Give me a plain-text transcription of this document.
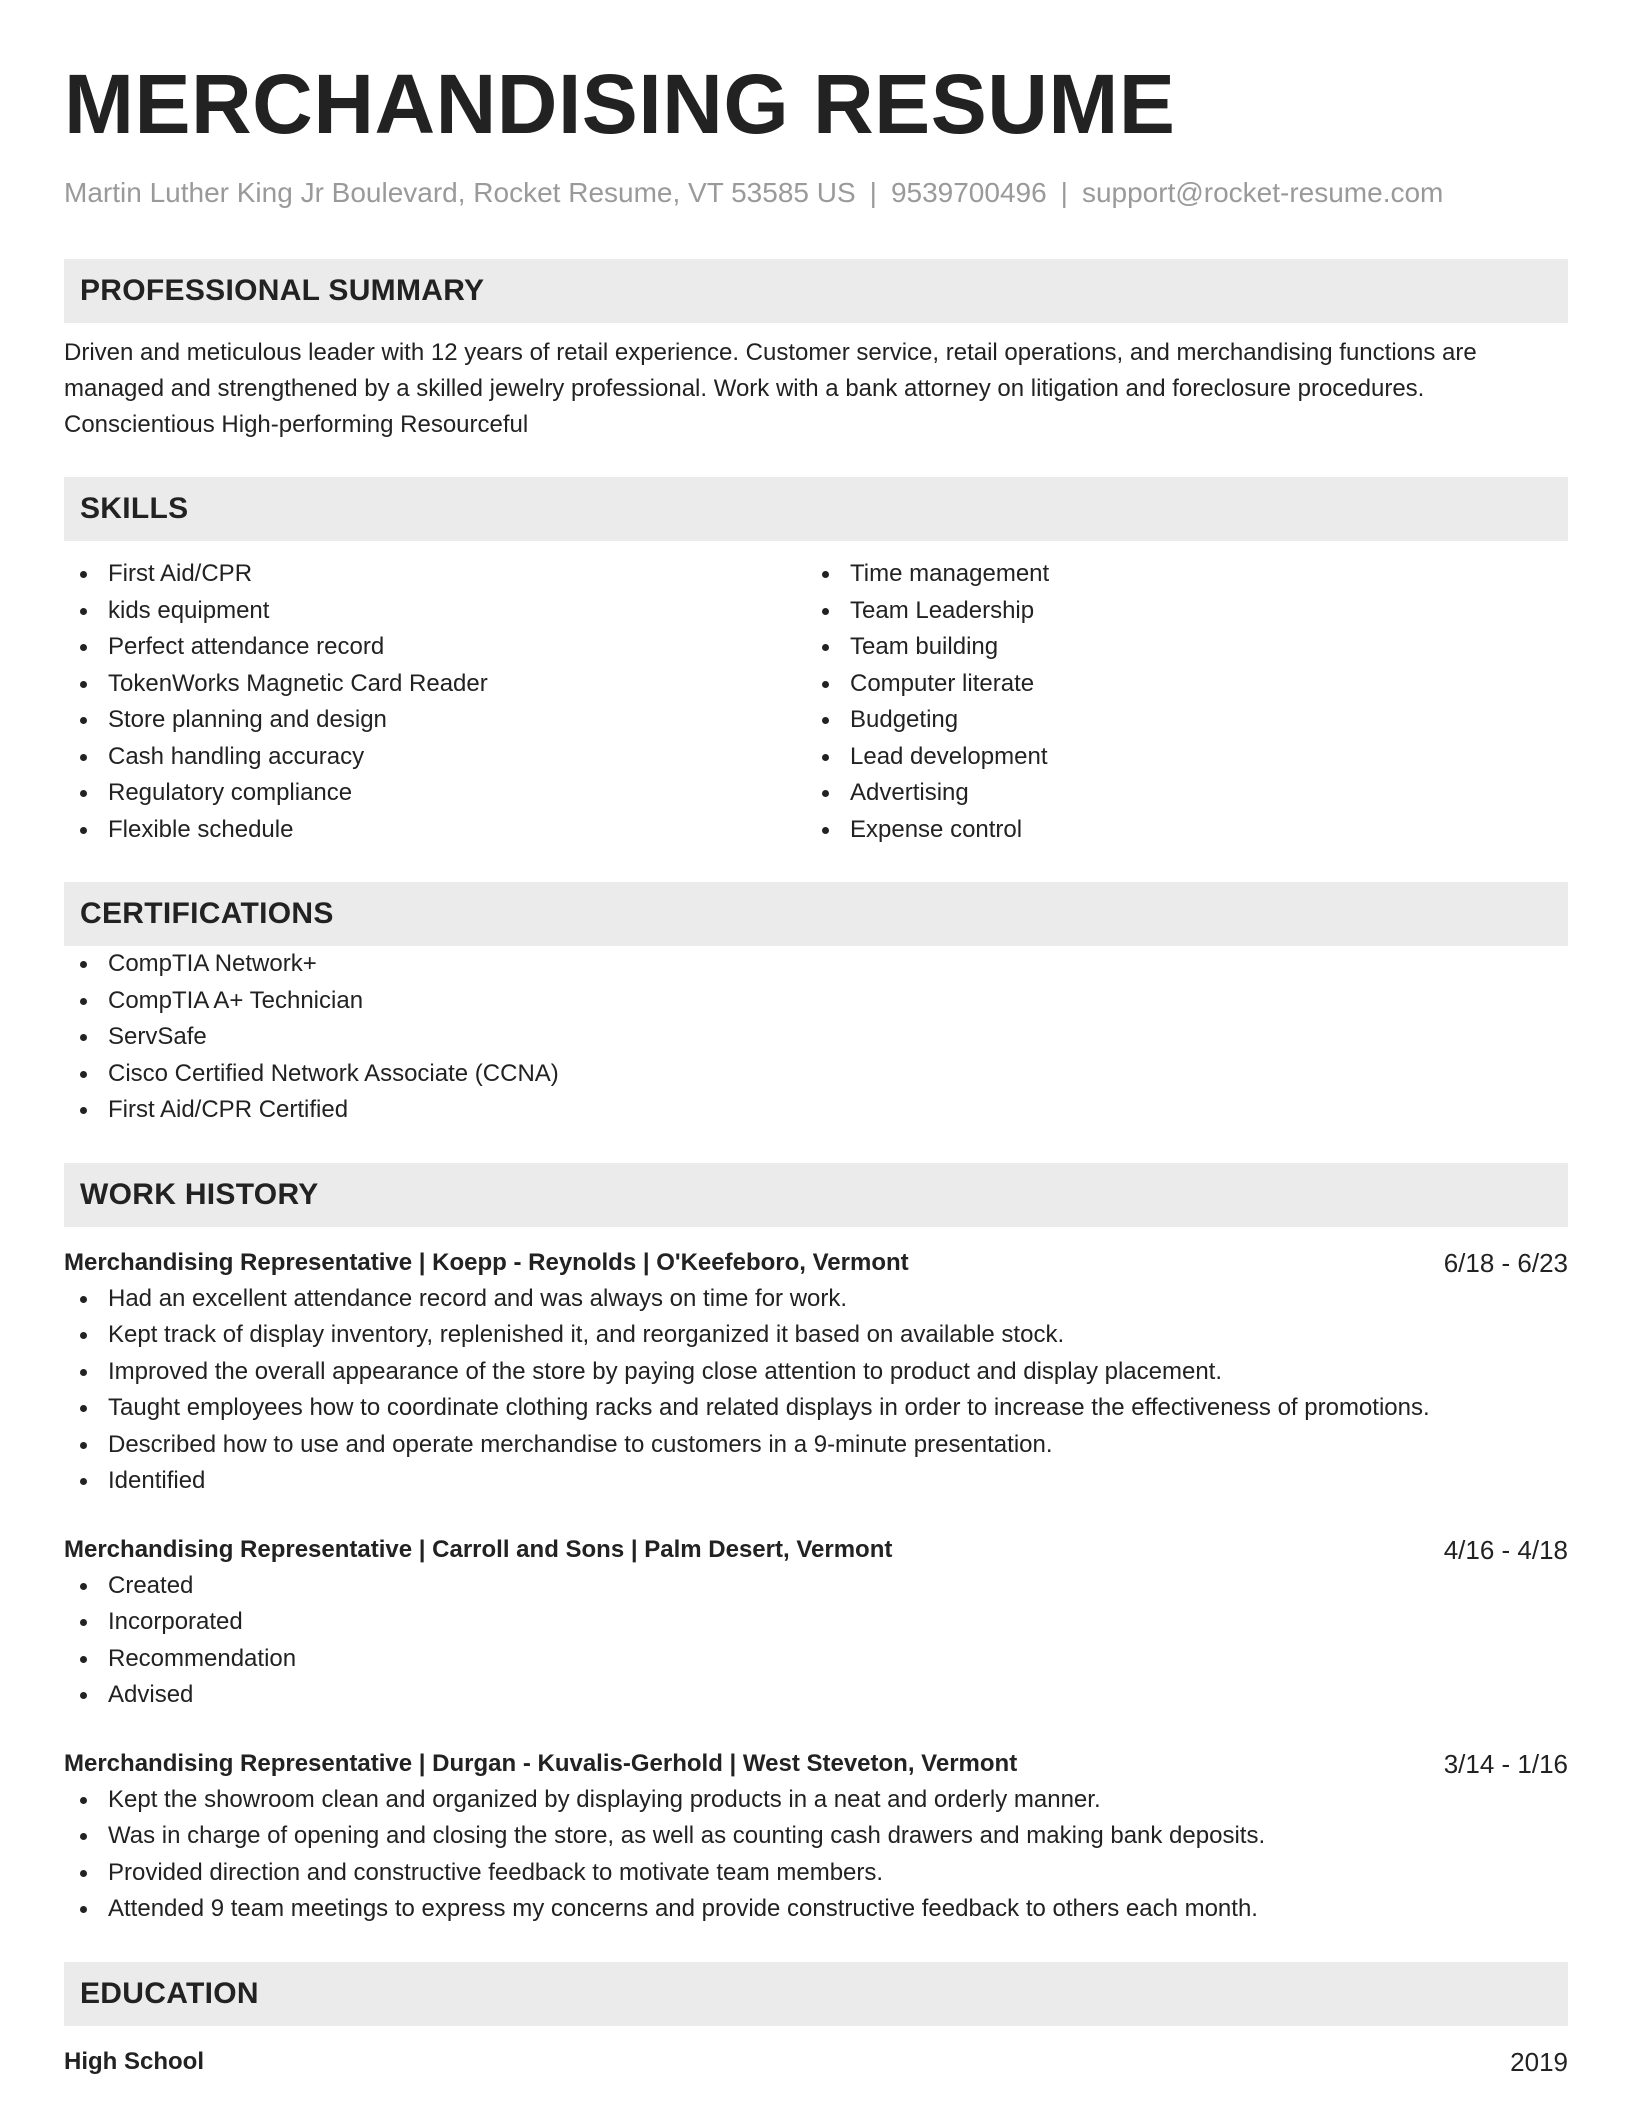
MERCHANDISING RESUME
Martin Luther King Jr Boulevard, Rocket Resume, VT 53585 US | 9539700496 | support@rocket-resume.com
PROFESSIONAL SUMMARY
Driven and meticulous leader with 12 years of retail experience. Customer service, retail operations, and merchandising functions are managed and strengthened by a skilled jewelry professional. Work with a bank attorney on litigation and foreclosure procedures. Conscientious High-performing Resourceful
SKILLS
First Aid/CPR
kids equipment
Perfect attendance record
TokenWorks Magnetic Card Reader
Store planning and design
Cash handling accuracy
Regulatory compliance
Flexible schedule
Time management
Team Leadership
Team building
Computer literate
Budgeting
Lead development
Advertising
Expense control
CERTIFICATIONS
CompTIA Network+
CompTIA A+ Technician
ServSafe
Cisco Certified Network Associate (CCNA)
First Aid/CPR Certified
WORK HISTORY
Merchandising Representative | Koepp - Reynolds | O'Keefeboro, Vermont	6/18 - 6/23
Had an excellent attendance record and was always on time for work.
Kept track of display inventory, replenished it, and reorganized it based on available stock.
Improved the overall appearance of the store by paying close attention to product and display placement.
Taught employees how to coordinate clothing racks and related displays in order to increase the effectiveness of promotions.
Described how to use and operate merchandise to customers in a 9-minute presentation.
Identified
Merchandising Representative | Carroll and Sons | Palm Desert, Vermont	4/16 - 4/18
Created
Incorporated
Recommendation
Advised
Merchandising Representative | Durgan - Kuvalis-Gerhold | West Steveton, Vermont	3/14 - 1/16
Kept the showroom clean and organized by displaying products in a neat and orderly manner.
Was in charge of opening and closing the store, as well as counting cash drawers and making bank deposits.
Provided direction and constructive feedback to motivate team members.
Attended 9 team meetings to express my concerns and provide constructive feedback to others each month.
EDUCATION
High School	2019
